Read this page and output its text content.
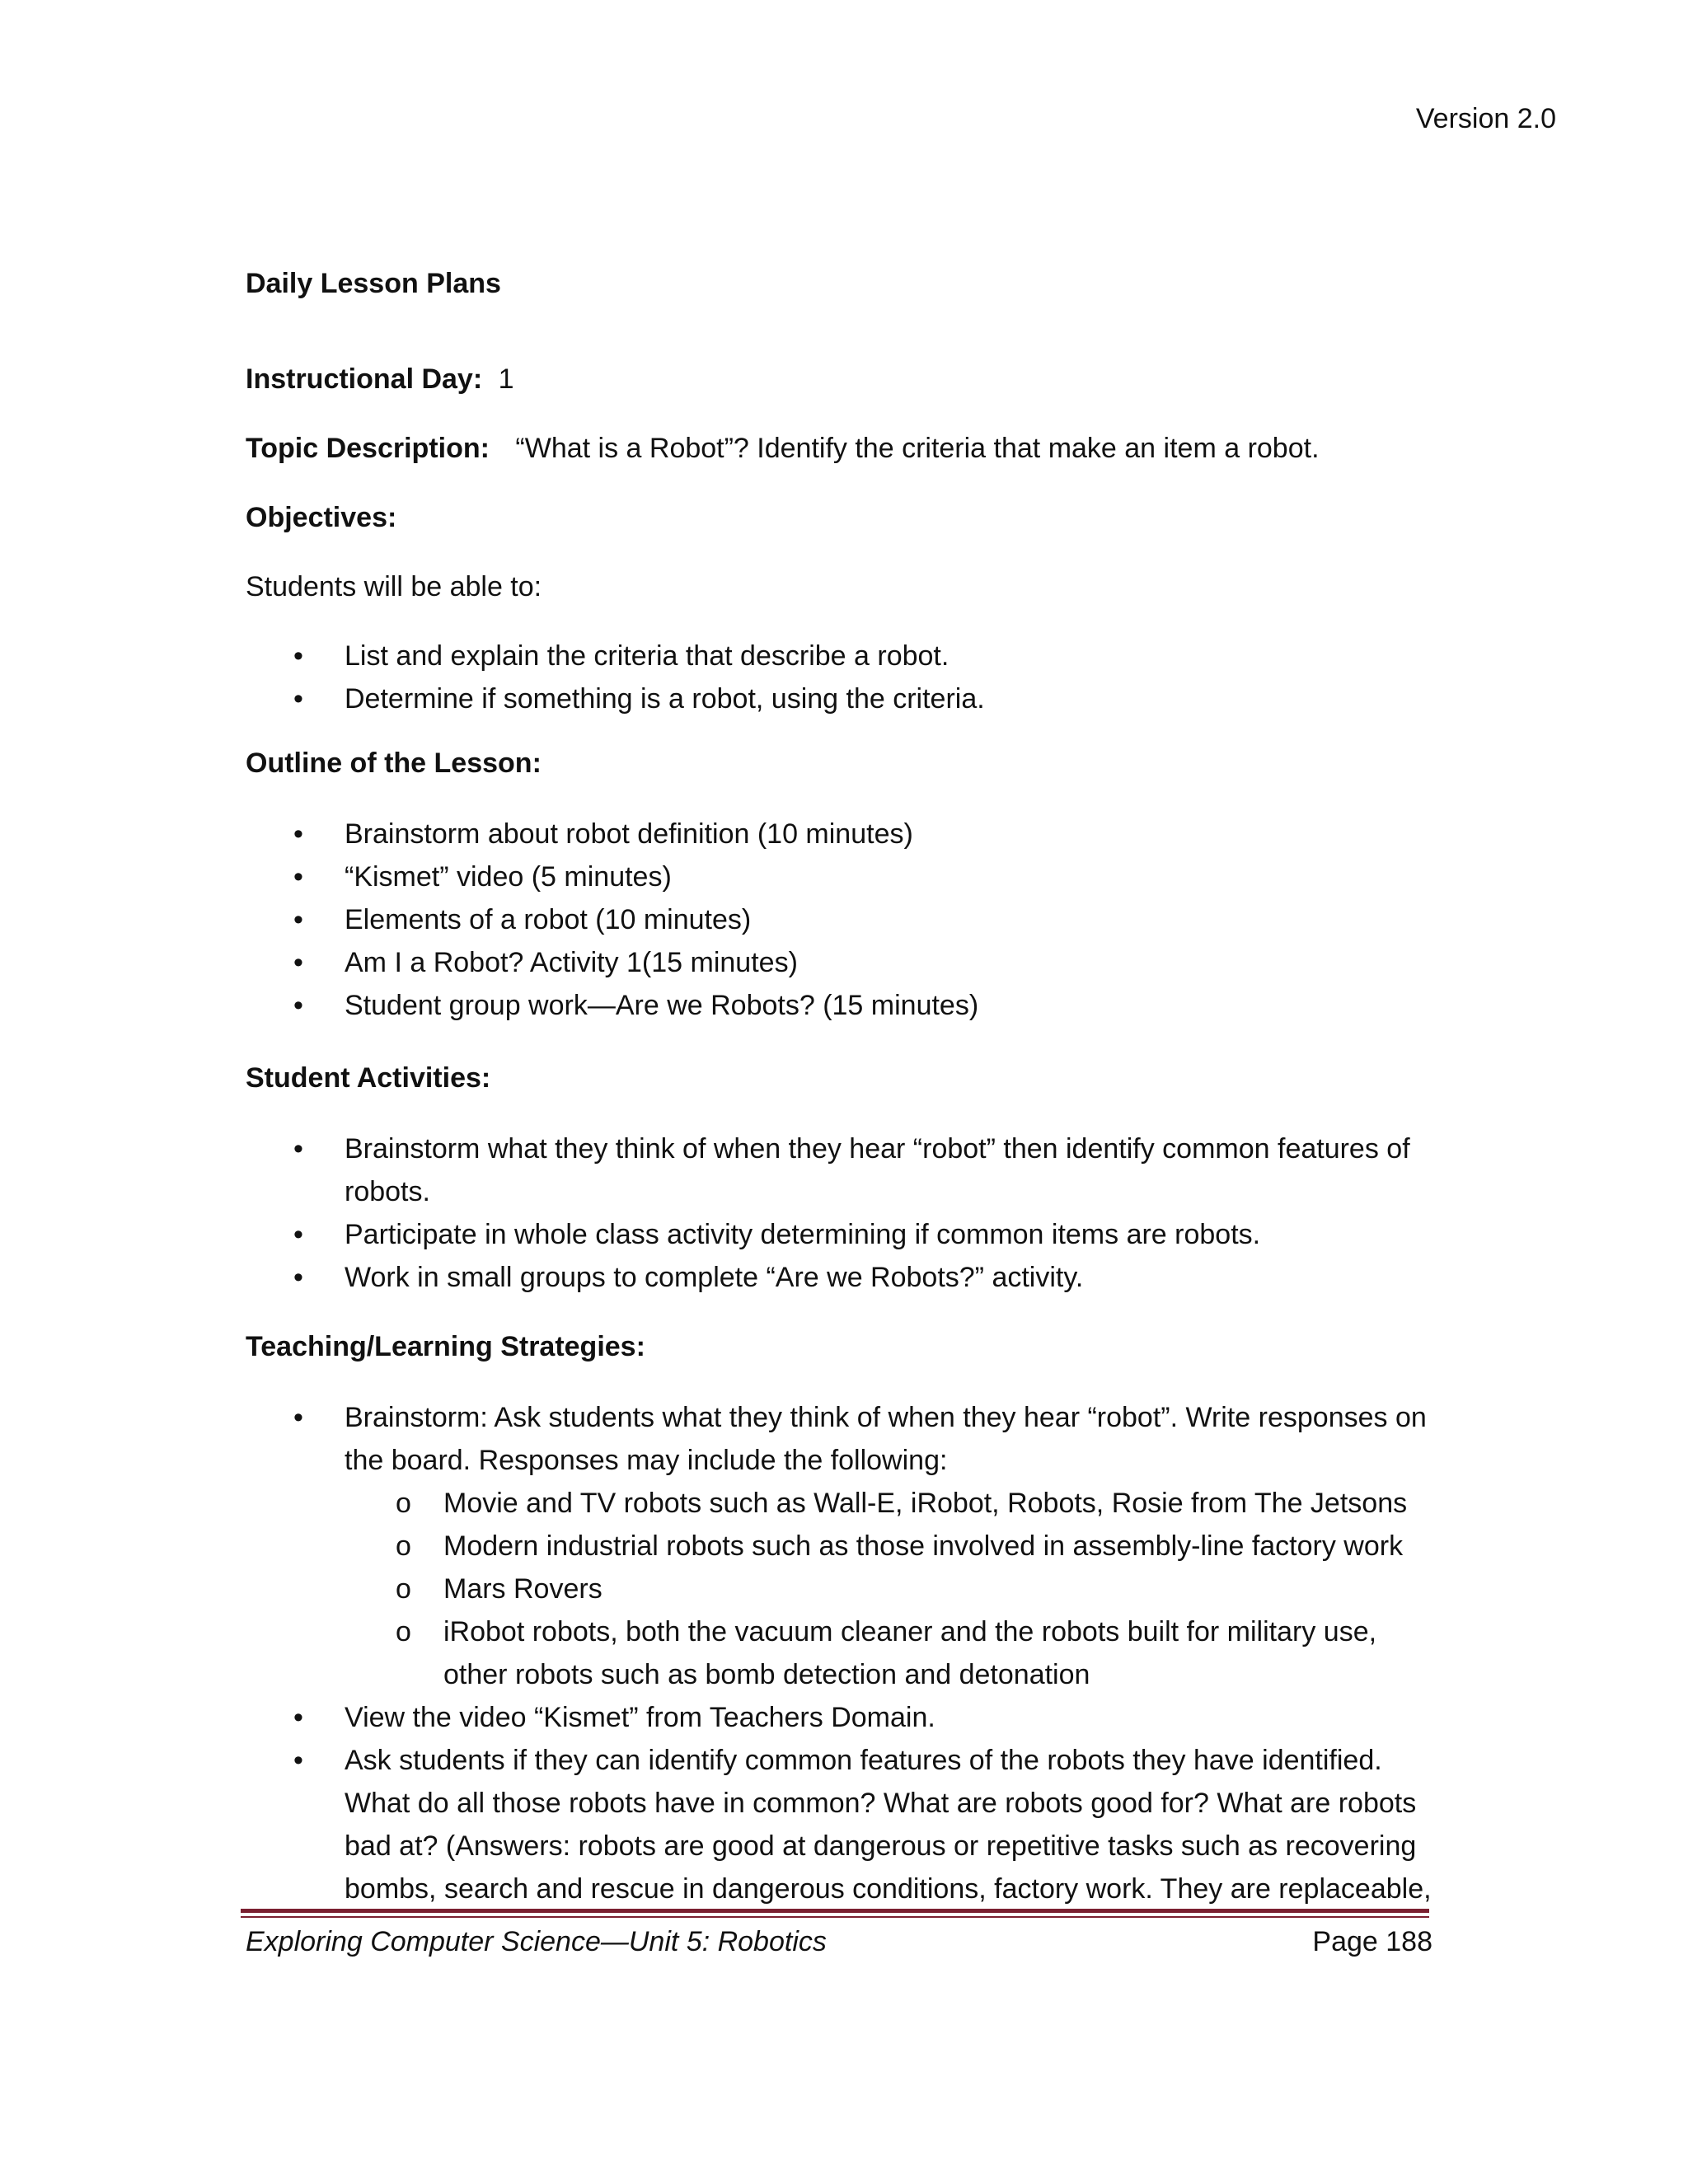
Version 2.0

Daily Lesson Plans

Instructional Day: 1
Topic Description: “What is a Robot”? Identify the criteria that make an item a robot.

Objectives:

Students will be able to:
• List and explain the criteria that describe a robot.
• Determine if something is a robot, using the criteria.

Outline of the Lesson:

• Brainstorm about robot definition (10 minutes)
• “Kismet” video (5 minutes)
• Elements of a robot (10 minutes)
• Am I a Robot? Activity 1(15 minutes)
• Student group work—Are we Robots? (15 minutes)

Student Activities:

• Brainstorm what they think of when they hear “robot” then identify common features of robots.
• Participate in whole class activity determining if common items are robots.
• Work in small groups to complete “Are we Robots?” activity.

Teaching/Learning Strategies:

• Brainstorm: Ask students what they think of when they hear “robot”. Write responses on the board. Responses may include the following:
o Movie and TV robots such as Wall-E, iRobot, Robots, Rosie from The Jetsons
o Modern industrial robots such as those involved in assembly-line factory work
o Mars Rovers
o iRobot robots, both the vacuum cleaner and the robots built for military use, other robots such as bomb detection and detonation
• View the video “Kismet” from Teachers Domain.
• Ask students if they can identify common features of the robots they have identified. What do all those robots have in common? What are robots good for? What are robots bad at? (Answers: robots are good at dangerous or repetitive tasks such as recovering bombs, search and rescue in dangerous conditions, factory work. They are replaceable,
Exploring Computer Science—Unit 5: Robotics	Page 188
